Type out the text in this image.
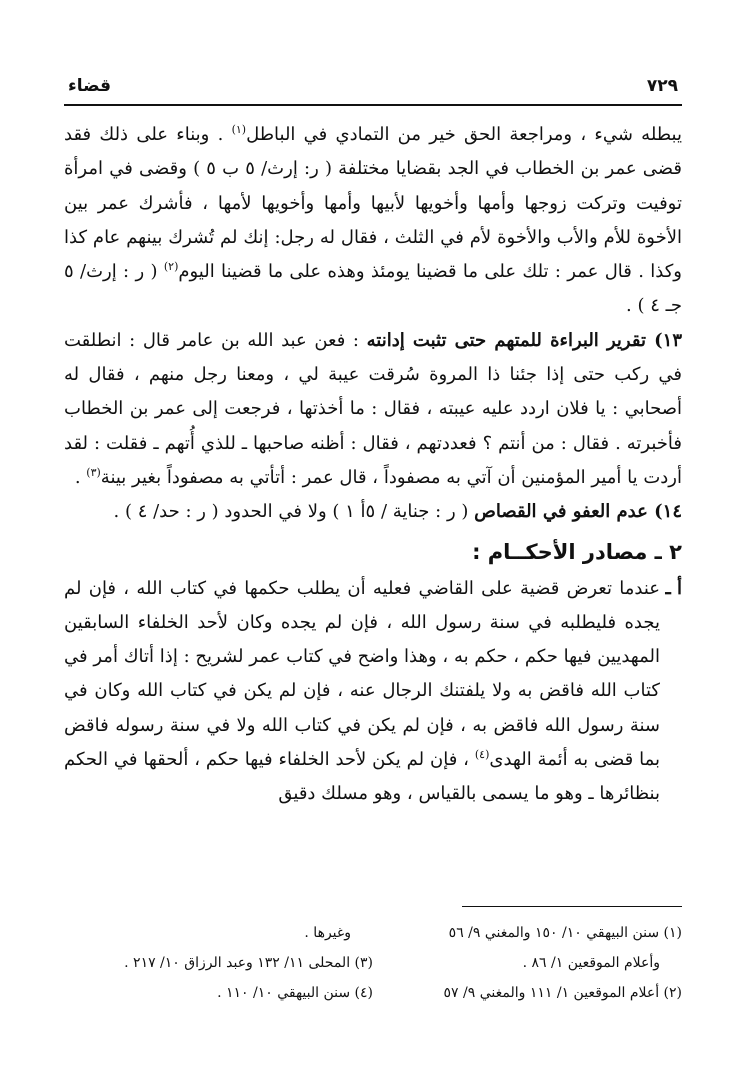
٧٢٩
قضاء

يبطله شيء ، ومراجعة الحق خير من التمادي في الباطل$^{(١)}$ . وبناء على ذلك فقد قضى عمر بن الخطاب في الجد بقضايا مختلفة ( ر: إرث/ ٥ ب ٥ ) وقضى في امرأة توفيت وتركت زوجها وأمها وأخويها لأبيها وأمها وأخويها لأمها ، فأشرك عمر بين الأخوة للأم والأب والأخوة لأم في الثلث ، فقال له رجل: إنك لم تُشرك بينهم عام كذا وكذا . قال عمر : تلك على ما قضينا يومئذ وهذه على ما قضينا اليوم$^{(٢)}$ ( ر : إرث/ ٥ جـ ٤ ) .

١٣) تقرير البراءة للمتهم حتى تثبت إدانته : فعن عبد الله بن عامر قال : انطلقت في ركب حتى إذا جئنا ذا المروة سُرقت عيبة لي ، ومعنا رجل منهم ، فقال له أصحابي : يا فلان اردد عليه عيبته ، فقال : ما أخذتها ، فرجعت إلى عمر بن الخطاب فأخبرته . فقال : من أنتم ؟ فعددتهم ، فقال : أظنه صاحبها ـ للذي أُتهم ـ فقلت : لقد أردت يا أمير المؤمنين أن آتي به مصفوداً ، قال عمر : أتأتي به مصفوداً بغير بينة$^{(٣)}$ .

١٤) عدم العفو في القصاص ( ر : جناية / ٥أ ١ ) ولا في الحدود ( ر : حد/ ٤ ) .

٢ ـ مصادر الأحكــام :

أ ـ
عندما تعرض قضية على القاضي فعليه أن يطلب حكمها في كتاب الله ، فإن لم يجده فليطلبه في سنة رسول الله ، فإن لم يجده وكان لأحد الخلفاء السابقين المهديين فيها حكم ، حكم به ، وهذا واضح في كتاب عمر لشريح : إذا أتاك أمر في كتاب الله فاقض به ولا يلفتنك الرجال عنه ، فإن لم يكن في كتاب الله وكان في سنة رسول الله فاقض به ، فإن لم يكن في كتاب الله ولا في سنة رسوله فاقض بما قضى به أئمة الهدى$^{(٤)}$ ، فإن لم يكن لأحد الخلفاء فيها حكم ، ألحقها في الحكم بنظائرها ـ وهو ما يسمى بالقياس ، وهو مسلك دقيق

(١) سنن البيهقي ١٠/ ١٥٠ والمغني ٩/ ٥٦
وأعلام الموقعين ١/ ٨٦ .
(٢) أعلام الموقعين ١/ ١١١ والمغني ٩/ ٥٧
وغيرها .
(٣) المحلى ١١/ ١٣٢ وعبد الرزاق ١٠/ ٢١٧ .
(٤) سنن البيهقي ١٠/ ١١٠ .
